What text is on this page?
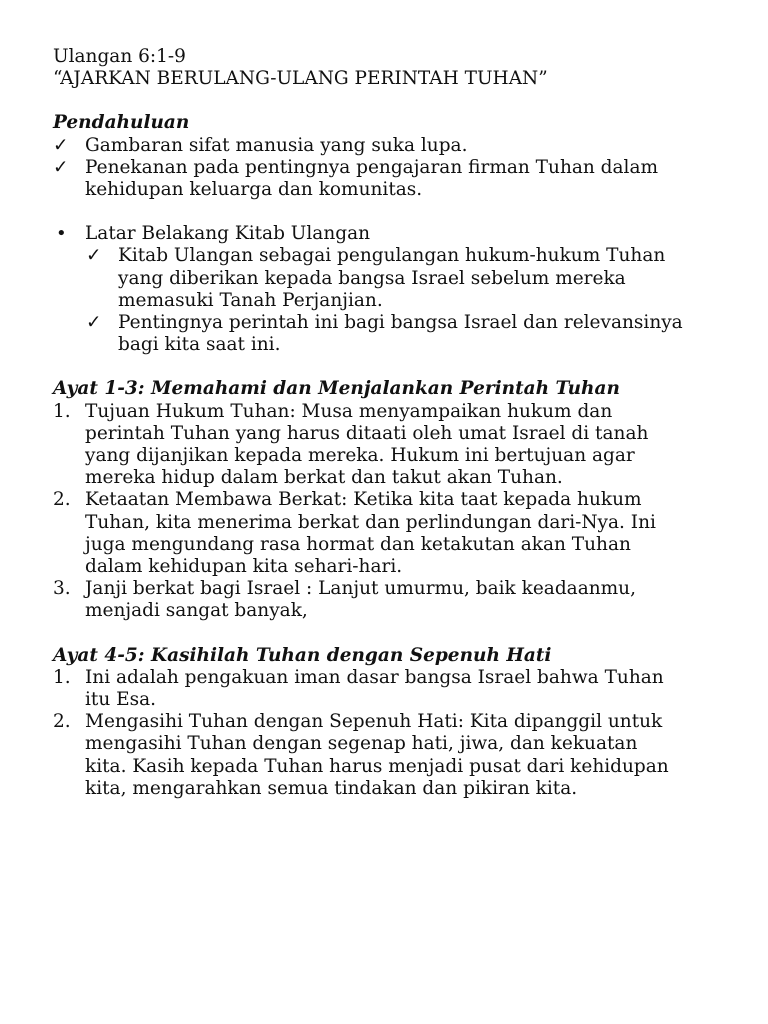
Ulangan 6:1-9
“AJARKAN BERULANG-ULANG PERINTAH TUHAN”
Pendahuluan
✓ Gambaran sifat manusia yang suka lupa.
✓ Penekanan pada pentingnya pengajaran firman Tuhan dalam
kehidupan keluarga dan komunitas.
• Latar Belakang Kitab Ulangan
✓ Kitab Ulangan sebagai pengulangan hukum-hukum Tuhan
yang diberikan kepada bangsa Israel sebelum mereka
memasuki Tanah Perjanjian.
✓ Pentingnya perintah ini bagi bangsa Israel dan relevansinya
bagi kita saat ini.
Ayat 1-3: Memahami dan Menjalankan Perintah Tuhan
1. Tujuan Hukum Tuhan: Musa menyampaikan hukum dan
perintah Tuhan yang harus ditaati oleh umat Israel di tanah
yang dijanjikan kepada mereka. Hukum ini bertujuan agar
mereka hidup dalam berkat dan takut akan Tuhan.
2. Ketaatan Membawa Berkat: Ketika kita taat kepada hukum
Tuhan, kita menerima berkat dan perlindungan dari-Nya. Ini
juga mengundang rasa hormat dan ketakutan akan Tuhan
dalam kehidupan kita sehari-hari.
3. Janji berkat bagi Israel : Lanjut umurmu, baik keadaanmu,
menjadi sangat banyak,
Ayat 4-5: Kasihilah Tuhan dengan Sepenuh Hati
1. Ini adalah pengakuan iman dasar bangsa Israel bahwa Tuhan
itu Esa.
2. Mengasihi Tuhan dengan Sepenuh Hati: Kita dipanggil untuk
mengasihi Tuhan dengan segenap hati, jiwa, dan kekuatan
kita. Kasih kepada Tuhan harus menjadi pusat dari kehidupan
kita, mengarahkan semua tindakan dan pikiran kita.
